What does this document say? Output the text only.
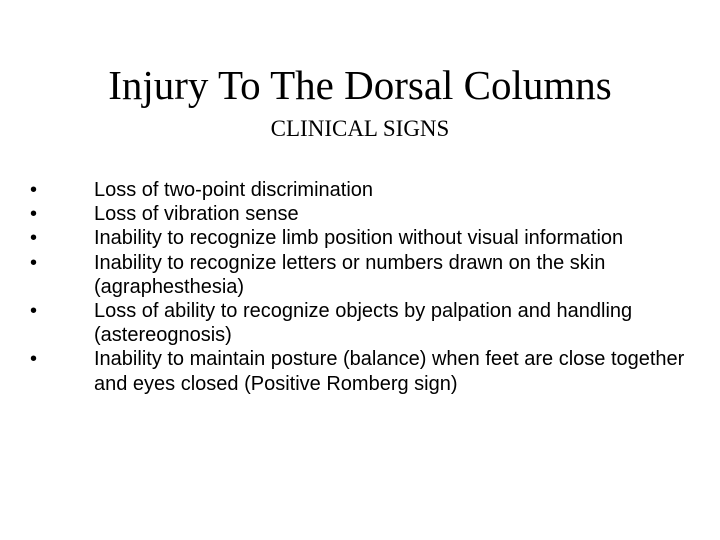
Injury To The Dorsal Columns
CLINICAL SIGNS
•	Loss of two-point discrimination
•	Loss of vibration sense
•	Inability to recognize limb position without visual information
•	Inability to recognize letters or numbers drawn on the skin (agraphesthesia)
•	Loss of ability to recognize objects by palpation and handling (astereognosis)
•	Inability to maintain posture (balance) when feet are close together and eyes closed (Positive Romberg sign)
